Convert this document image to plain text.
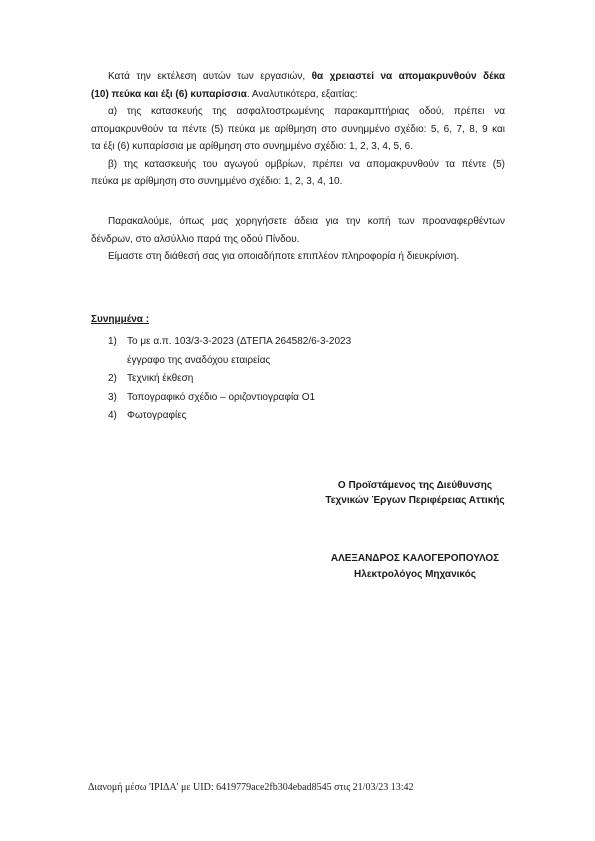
Κατά την εκτέλεση αυτών των εργασιών, θα χρειαστεί να απομακρυνθούν δέκα
(10) πεύκα και έξι (6) κυπαρίσσια. Αναλυτικότερα, εξαιτίας:
α) της κατασκευής της ασφαλτοστρωμένης παρακαμπτήριας οδού, πρέπει να
απομακρυνθούν τα πέντε (5) πεύκα με αρίθμηση στο συνημμένο σχέδιο: 5, 6, 7, 8, 9 και
τα έξι (6) κυπαρίσσια με αρίθμηση στο συνημμένο σχέδιο: 1, 2, 3, 4, 5, 6.
β) της κατασκευής του αγωγού ομβρίων, πρέπει να απομακρυνθούν τα πέντε (5)
πεύκα με αρίθμηση στο συνημμένο σχέδιο: 1, 2, 3, 4, 10.
Παρακαλούμε, όπως μας χορηγήσετε άδεια για την κοπή των προαναφερθέντων
δένδρων, στο αλσύλλιο παρά της οδού Πίνδου.
Είμαστε στη διάθεσή σας για οποιαδήποτε επιπλέον πληροφορία ή διευκρίνιση.
Συνημμένα :
1)	Το με α.π. 103/3-3-2023 (ΔΤΕΠΑ 264582/6-3-2023
έγγραφο της αναδόχου εταιρείας
2)	Τεχνική έκθεση
3)	Τοπογραφικό σχέδιο – οριζοντιογραφία Ο1
4)	Φωτογραφίες
Ο Προϊστάμενος της Διεύθυνσης
Τεχνικών Έργων Περιφέρειας Αττικής
ΑΛΕΞΑΝΔΡΟΣ ΚΑΛΟΓΕΡΟΠΟΥΛΟΣ
Ηλεκτρολόγος Μηχανικός
Διανομή μέσω 'ΙΡΙΔΑ' με UID: 6419779ace2fb304ebad8545 στις 21/03/23 13:42
